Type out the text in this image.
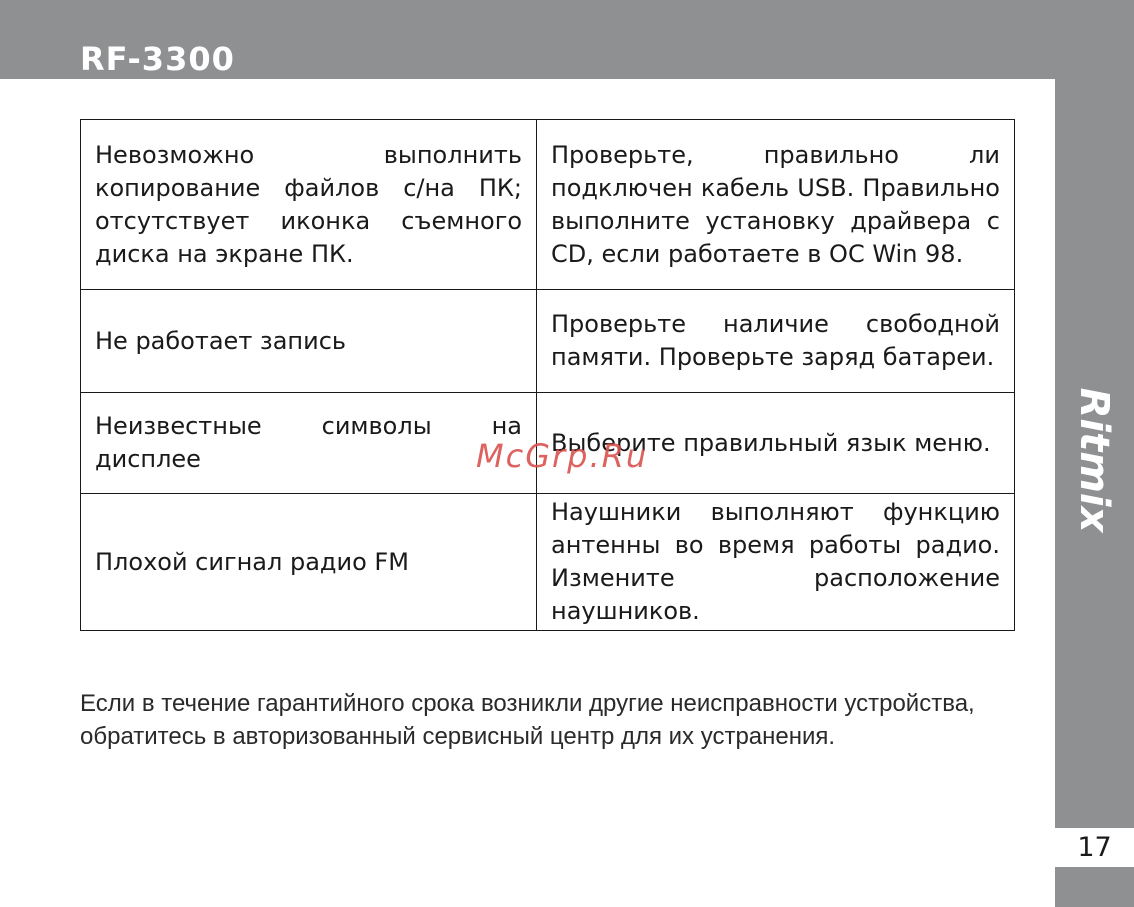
RF-3300
Ritmix
17
Невозможно выполнить копирование файлов с/на ПК; отсутствует иконка съемного диска на экране ПК.	Проверьте, правильно ли подключен кабель USB. Правильно выполните установку драйвера с CD, если работаете в OC Win 98.
Не работает запись	Проверьте наличие свободной памяти. Проверьте заряд батареи.
Неизвестные символы на дисплее	Выберите правильный язык меню.
Плохой сигнал радио FM	Наушники выполняют функцию антенны во время работы радио. Измените расположение наушников.
McGrp.Ru
Если в течение гарантийного срока возникли другие неисправности устройства, обратитесь в авторизованный сервисный центр для их устранения.
